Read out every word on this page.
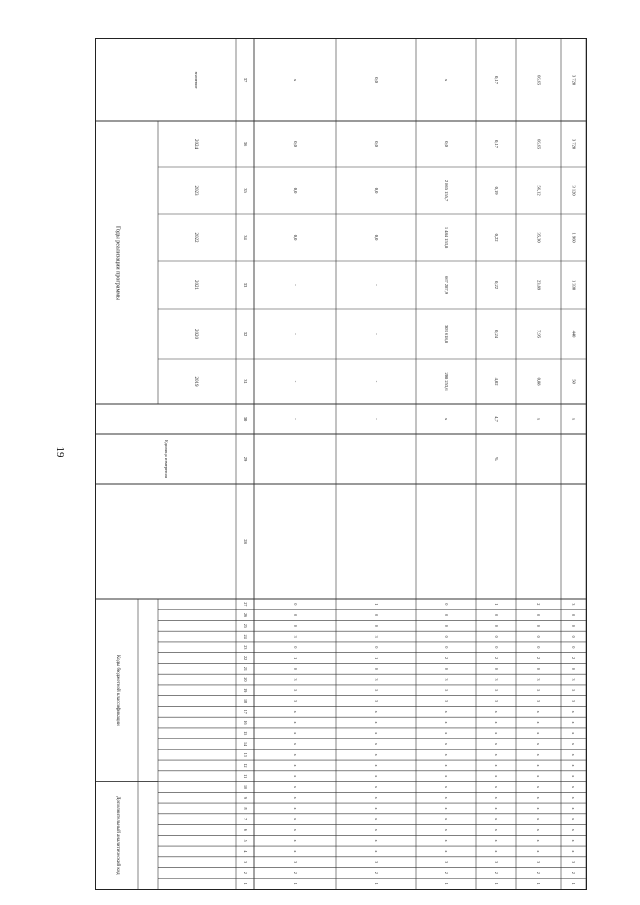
19
Годы реализации программы
Дополнительный аналитический код
Коды бюджетной классификации
Единица измерения
значение
2019
2020
2021
2022
2023
2024
28
29
30
31
32
33
34
35
36
37
-
-
-
-
0,0
0,0
0,0
х
-
-
-
-
0,0
0,0
0,0
0,0
х
208 253,6
303 618,8
667 287,9
1 484 153,8
2 865 155,7
0,0
х
%
4,7
4,02
0,24
0,22
0,22
0,19
0,17
0,17
х
0,88
7,95
23,89
35,30
56,12
66,65
66,65
х
50
440
1 330
1 960
3 120
3 720
3 720
1
2
3
4
5
6
7
8
9
10
11
12
13
14
15
16
17
18
19
20
21
22
23
24
25
26
27
1
2
3
х
х
х
х
х
х
х
х
х
х
х
х
х
х
3
5
3
0
1
0
3
0
0
0
1
2
3
х
х
х
х
х
х
х
х
х
х
х
х
х
х
3
5
3
0
1
0
3
0
0
1
1
2
3
х
х
х
х
х
х
х
х
х
х
х
х
х
х
3
5
3
0
2
0
0
0
0
0
1
2
3
х
х
х
х
х
х
х
х
х
х
х
х
х
х
3
5
3
0
2
0
0
0
0
1
1
2
3
х
х
х
х
х
х
х
х
х
х
х
х
х
х
3
5
3
0
2
0
0
0
0
2
1
2
3
х
х
х
х
х
х
х
х
х
х
х
х
х
х
3
5
3
0
2
0
0
0
0
3
